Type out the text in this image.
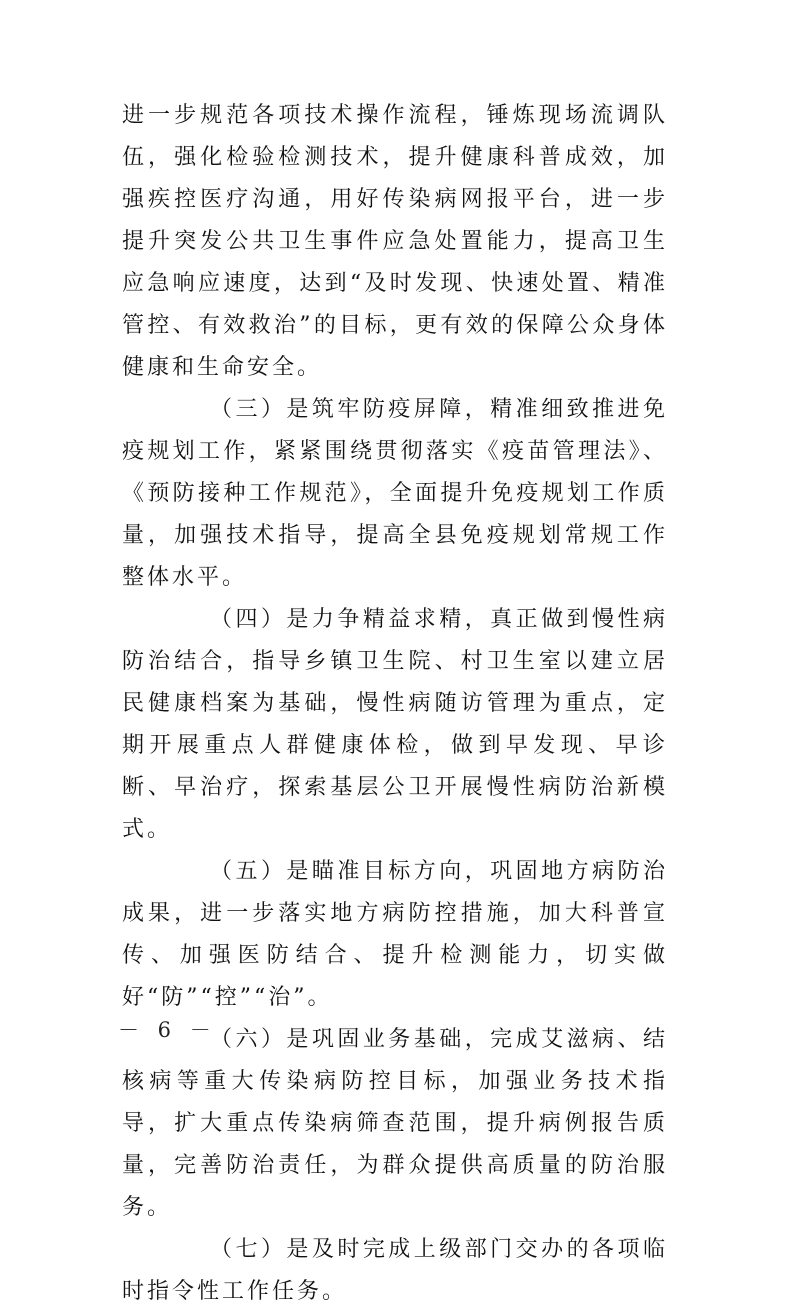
进一步规范各项技术操作流程，锤炼现场流调队伍，强化检验检测技术，提升健康科普成效，加强疾控医疗沟通，用好传染病网报平台，进一步提升突发公共卫生事件应急处置能力，提高卫生应急响应速度，达到“及时发现、快速处置、精准管控、有效救治”的目标，更有效的保障公众身体健康和生命安全。

（三）是筑牢防疫屏障，精准细致推进免疫规划工作，紧紧围绕贯彻落实《疫苗管理法》、《预防接种工作规范》，全面提升免疫规划工作质量，加强技术指导，提高全县免疫规划常规工作整体水平。

（四）是力争精益求精，真正做到慢性病防治结合，指导乡镇卫生院、村卫生室以建立居民健康档案为基础，慢性病随访管理为重点，定期开展重点人群健康体检，做到早发现、早诊断、早治疗，探索基层公卫开展慢性病防治新模式。

（五）是瞄准目标方向，巩固地方病防治成果，进一步落实地方病防控措施，加大科普宣传、加强医防结合、提升检测能力，切实做好“防”“控”“治”。

（六）是巩固业务基础，完成艾滋病、结核病等重大传染病防控目标，加强业务技术指导，扩大重点传染病筛查范围，提升病例报告质量，完善防治责任，为群众提供高质量的防治服务。

（七）是及时完成上级部门交办的各项临时指令性工作任务。

－ 6 －
